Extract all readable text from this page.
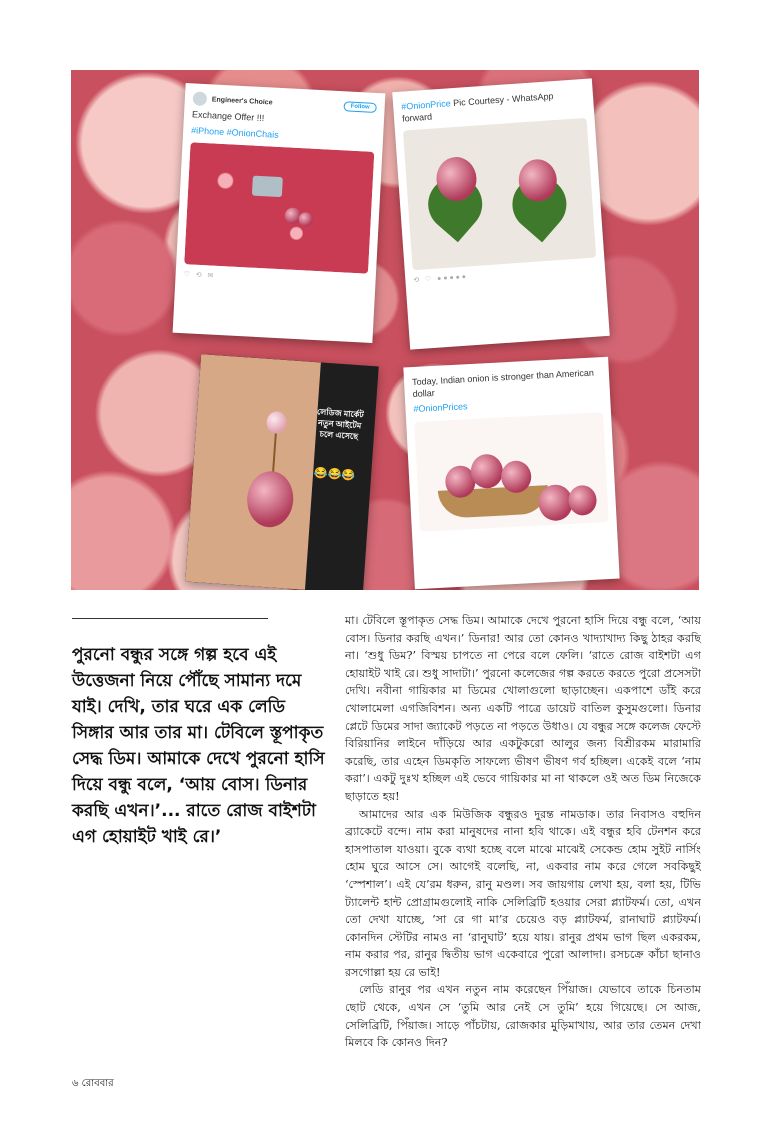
Engineer's Choice
Follow
Exchange Offer !!!
#iPhone #OnionChais
♡   ⟲   ✉
#OnionPrice Pic Courtesy - WhatsApp forward
⟲   ♡   ● ● ● ● ●
লেডিজ মার্কেট নতুন আইটেম চলে এসেছে
😂😂😂
Today, Indian onion is stronger than American dollar
#OnionPrices

পুরনো বন্ধুর সঙ্গে গল্প হবে এই উত্তেজনা নিয়ে পৌঁছে সামান্য দমে যাই। দেখি, তার ঘরে এক লেডি সিঙ্গার আর তার মা। টেবিলে স্তূপাকৃত সেদ্ধ ডিম। আমাকে দেখে পুরনো হাসি দিয়ে বন্ধু বলে, ‘আয় বোস। ডিনার করছি এখন।’... রাতে রোজ বাইশটা এগ হোয়াইট খাই রে।’

মা। টেবিলে স্তূপাকৃত সেদ্ধ ডিম। আমাকে দেখে পুরনো হাসি দিয়ে বন্ধু বলে, ‘আয় বোস। ডিনার করছি এখন।’ ডিনার! আর তো কোনও খাদ্যাখাদ্য কিছু ঠাহর করছি না। ‘শুধু ডিম?’ বিস্ময় চাপতে না পেরে বলে ফেলি। ‘রাতে রোজ বাইশটা এগ হোয়াইট খাই রে। শুধু সাদাটা।’ পুরনো কলেজের গল্প করতে করতে পুরো প্রসেসটা দেখি। নবীনা গায়িকার মা ডিমের খোলাগুলো ছাড়াচ্ছেন। একপাশে ডাঁই করে খোলামেলা এগজিবিশন। অন্য একটি পাত্রে ডায়েট বাতিল কুসুমগুলো। ডিনার প্লেটে ডিমের সাদা জ্যাকেট পড়তে না পড়তে উধাও। যে বন্ধুর সঙ্গে কলেজ ফেস্টে বিরিয়ানির লাইনে দাঁড়িয়ে আর একটুকরো আলুর জন্য বিশ্রীরকম মারামারি করেছি, তার এহেন ডিমকৃতি সাফল্যে ভীষণ ভীষণ গর্ব হচ্ছিল। একেই বলে ‘নাম করা’। একটু দুঃখ হচ্ছিল এই ভেবে গায়িকার মা না থাকলে ওই অত ডিম নিজেকে ছাড়াতে হয়!

আমাদের আর এক মিউজিক বন্ধুরও দুরন্ত নামডাক। তার নিবাসও বহুদিন ব্র্যাকেটে বন্দে। নাম করা মানুষদের নানা হবি থাকে। এই বন্ধুর হবি টেনশন করে হাসপাতাল যাওয়া। বুকে ব্যথা হচ্ছে বলে মাঝে মাঝেই সেকেন্ড হোম সুইট নার্সিং হোম ঘুরে আসে সে। আগেই বলেছি, না, একবার নাম করে গেলে সবকিছুই ‘স্পেশাল’। এই যে’রম ধরুন, রানু মণ্ডল। সব জায়গায় লেখা হয়, বলা হয়, টিভি ট্যালেন্ট হান্ট প্রোগ্রামগুলোই নাকি সেলিব্রিটি হওয়ার সেরা প্ল্যাটফর্ম। তো, এখন তো দেখা যাচ্ছে, ‘সা রে গা মা’র চেয়েও বড় প্ল্যাটফর্ম, রানাঘাট প্ল্যাটফর্ম। কোনদিন স্টেটির নামও না ‘রানুঘাট’ হয়ে যায়। রানুর প্রথম ভাগ ছিল একরকম, নাম করার পর, রানুর দ্বিতীয় ভাগ একেবারে পুরো আলাদা। রসচক্রে কাঁচা ছানাও রসগোল্লা হয় রে ভাই!

লেডি রানুর পর এখন নতুন নাম করেছেন পিঁয়াজ। যেভাবে তাকে চিনতাম ছোট থেকে, এখন সে ‘তুমি আর নেই সে তুমি’ হয়ে গিয়েছে। সে আজ, সেলিব্রিটি, পিঁয়াজ। সাড়ে পাঁচটায়, রোজকার মুড়িমাখায়, আর তার তেমন দেখা মিলবে কি কোনও দিন?

৬ রোববার
